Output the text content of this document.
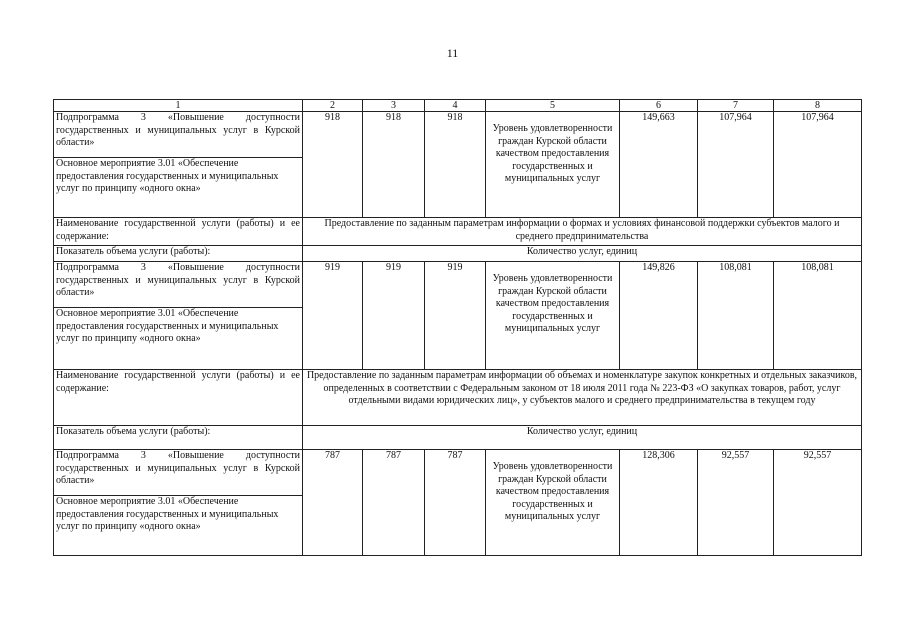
11
1	2	3	4	5	6	7	8
Подпрограмма 3 «Повышение доступности государственных и муниципальных услуг в Курской области»	918	918	918	Уровень удовлетворенности граждан Курской области качеством предоставления государственных и муниципальных услуг	149,663	107,964	107,964
Основное мероприятие 3.01 «Обеспечение предоставления государственных и муниципальных услуг по принципу «одного окна»							
Наименование государственной услуги (работы) и ее содержание:	Предоставление по заданным параметрам информации о формах и условиях финансовой поддержки субъектов малого и среднего предпринимательства						
Показатель объема услуги (работы):	Количество услуг, единиц						
Подпрограмма 3 «Повышение доступности государственных и муниципальных услуг в Курской области»	919	919	919	Уровень удовлетворенности граждан Курской области качеством предоставления государственных и муниципальных услуг	149,826	108,081	108,081
Основное мероприятие 3.01 «Обеспечение предоставления государственных и муниципальных услуг по принципу «одного окна»							
Наименование государственной услуги (работы) и ее содержание:	Предоставление по заданным параметрам информации об объемах и номенклатуре закупок конкретных и отдельных заказчиков, определенных в соответствии с Федеральным законом от 18 июля 2011 года № 223-ФЗ «О закупках товаров, работ, услуг отдельными видами юридических лиц», у субъектов малого и среднего предпринимательства в текущем году						
Показатель объема услуги (работы):	Количество услуг, единиц						
Подпрограмма 3 «Повышение доступности государственных и муниципальных услуг в Курской области»	787	787	787	Уровень удовлетворенности граждан Курской области качеством предоставления государственных и муниципальных услуг	128,306	92,557	92,557
Основное мероприятие 3.01 «Обеспечение предоставления государственных и муниципальных услуг по принципу «одного окна»							
